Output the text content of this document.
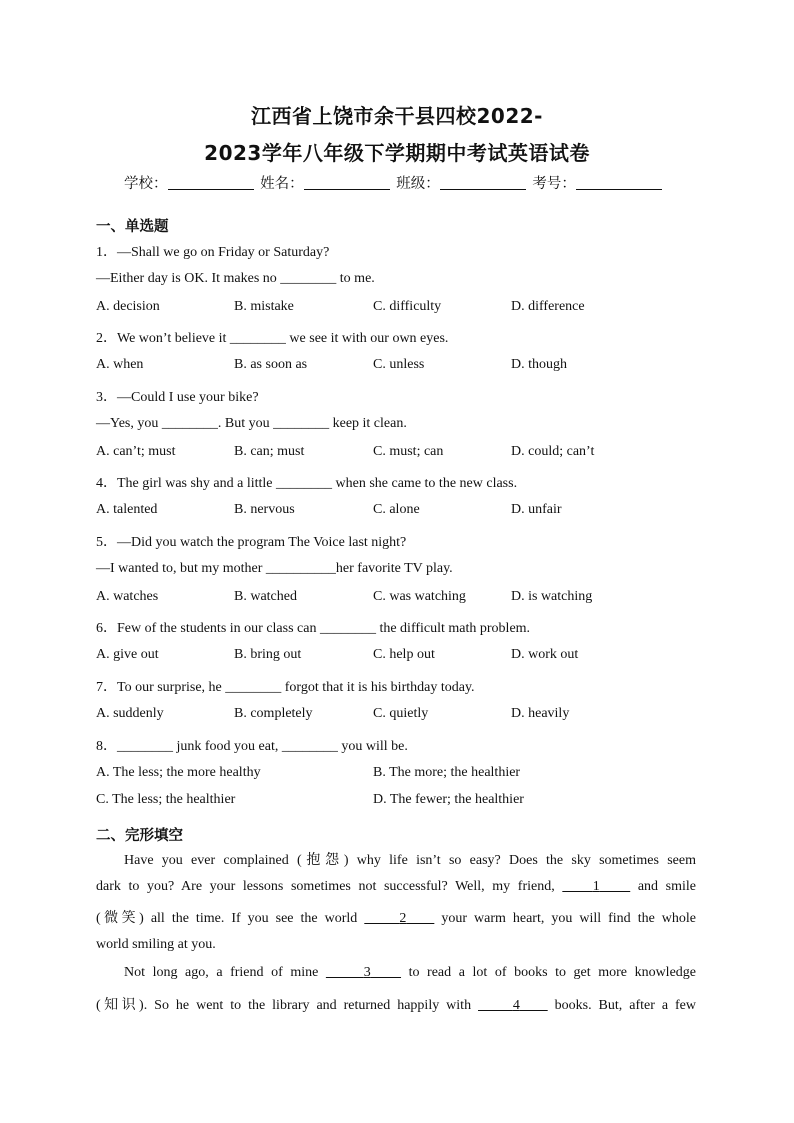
江西省上饶市余干县四校2022-
2023学年八年级下学期期中考试英语试卷
学校：	姓名：	班级：	考号：
一、单选题
1．—Shall we go on Friday or Saturday?
—Either day is OK. It makes no ________ to me.
A. decision	B. mistake	C. difficulty	D. difference
2．We won’t believe it ________ we see it with our own eyes.
A. when	B. as soon as	C. unless	D. though
3．—Could I use your bike?
—Yes, you ________. But you ________ keep it clean.
A. can’t; must	B. can; must	C. must; can	D. could; can’t
4．The girl was shy and a little ________ when she came to the new class.
A. talented	B. nervous	C. alone	D. unfair
5．—Did you watch the program The Voice last night?
—I wanted to, but my mother __________her favorite TV play.
A. watches	B. watched	C. was watching	D. is watching
6．Few of the students in our class can ________ the difficult math problem.
A. give out	B. bring out	C. help out	D. work out
7．To our surprise, he ________ forgot that it is his birthday today.
A. suddenly	B. completely	C. quietly	D. heavily
8．________ junk food you eat, ________ you will be.
A. The less; the more healthy	B. The more; the healthier
C. The less; the healthier	D. The fewer; the healthier
二、完形填空
Have you ever complained (抱怨) why life isn’t so easy? Does the sky sometimes seem
dark to you? Are your lessons sometimes not successful? Well, my friend,     1     and smile
(微笑) all the time. If you see the world	2     your warm heart, you will find the whole
world smiling at you.
Not long ago, a friend of mine	3     to read a lot of books to get more knowledge
(知识). So he went to the library and returned happily with      4     books. But, after a few
